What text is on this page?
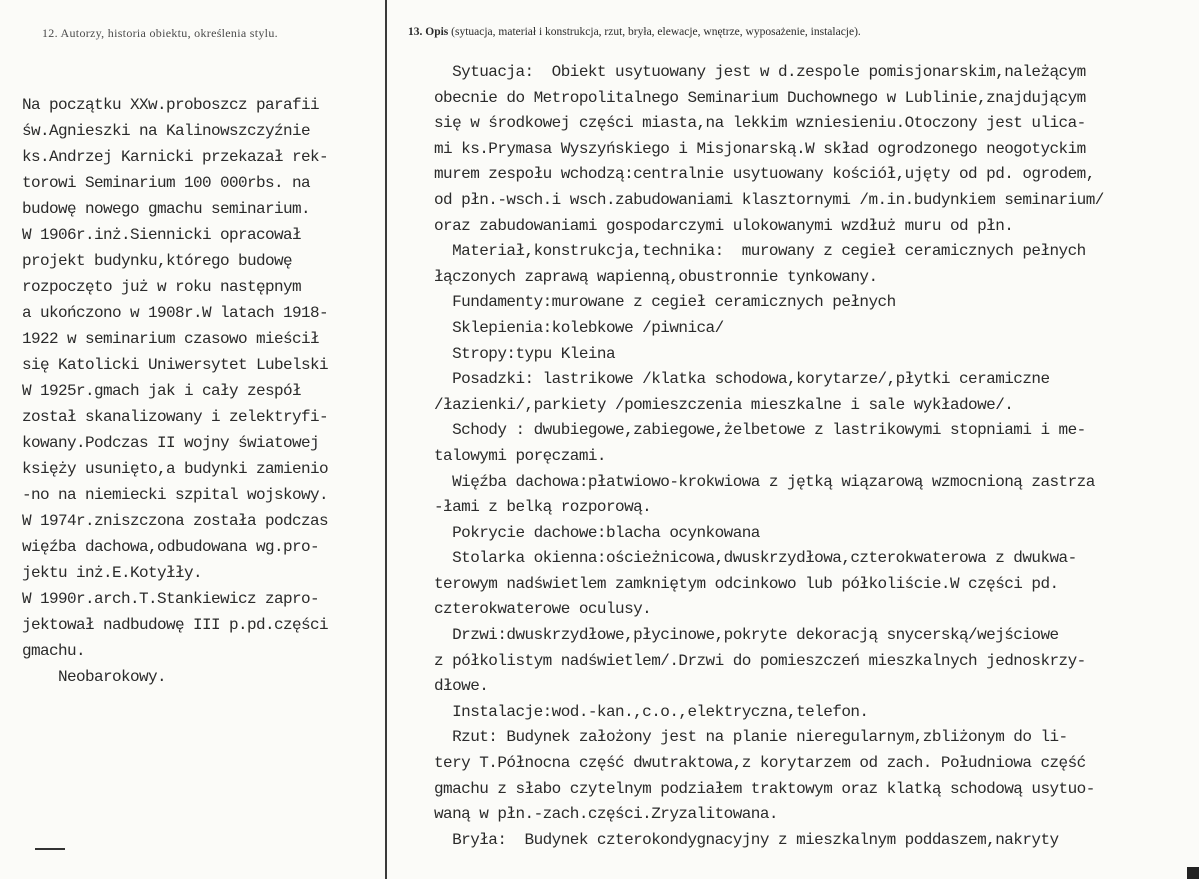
12. Autorzy, historia obiektu, określenia stylu.
Na początku XXw.proboszcz parafii
św.Agnieszki na Kalinowszczyźnie
ks.Andrzej Karnicki przekazał rek-
torowi Seminarium 100 000rbs. na
budowę nowego gmachu seminarium.
W 1906r.inż.Siennicki opracował
projekt budynku,którego budowę
rozpoczęto już w roku następnym
a ukończono w 1908r.W latach 1918-
1922 w seminarium czasowo mieścił
się Katolicki Uniwersytet Lubelski
W 1925r.gmach jak i cały zespół
został skanalizowany i zelektryfi-
kowany.Podczas II wojny światowej
księży usunięto,a budynki zamienio
-no na niemiecki szpital wojskowy.
W 1974r.zniszczona została podczas
więźba dachowa,odbudowana wg.pro-
jektu inż.E.Kotyłły.
W 1990r.arch.T.Stankiewicz zapro-
jektował nadbudowę III p.pd.części
gmachu.
Neobarokowy.
13. Opis (sytuacja, materiał i konstrukcja, rzut, bryła, elewacje, wnętrze, wyposażenie, instalacje).
Sytuacja:  Obiekt usytuowany jest w d.zespole pomisjonarskim,należącym
obecnie do Metropolitalnego Seminarium Duchownego w Lublinie,znajdującym
się w środkowej części miasta,na lekkim wzniesieniu.Otoczony jest ulica-
mi ks.Prymasa Wyszyńskiego i Misjonarską.W skład ogrodzonego neogotyckim
murem zespołu wchodzą:centralnie usytuowany kościół,ujęty od pd. ogrodem,
od płn.-wsch.i wsch.zabudowaniami klasztornymi /m.in.budynkiem seminarium/
oraz zabudowaniami gospodarczymi ulokowanymi wzdłuż muru od płn.
Materiał,konstrukcja,technika:  murowany z cegieł ceramicznych pełnych
łączonych zaprawą wapienną,obustronnie tynkowany.
Fundamenty:murowane z cegieł ceramicznych pełnych
Sklepienia:kolebkowe /piwnica/
Stropy:typu Kleina
Posadzki: lastrikowe /klatka schodowa,korytarze/,płytki ceramiczne
/łazienki/,parkiety /pomieszczenia mieszkalne i sale wykładowe/.
Schody : dwubiegowe,zabiegowe,żelbetowe z lastrikowymi stopniami i me-
talowymi poręczami.
Więźba dachowa:płatwiowo-krokwiowa z jętką wiązarową wzmocnioną zastrza
-łami z belką rozporową.
Pokrycie dachowe:blacha ocynkowana
Stolarka okienna:ościeżnicowa,dwuskrzydłowa,czterokwaterowa z dwukwa-
terowym nadświetlem zamkniętym odcinkowo lub półkoliście.W części pd.
czterokwaterowe oculusy.
Drzwi:dwuskrzydłowe,płycinowe,pokryte dekoracją snycerską/wejściowe
z półkolistym nadświetlem/.Drzwi do pomieszczeń mieszkalnych jednoskrzy-
dłowe.
Instalacje:wod.-kan.,c.o.,elektryczna,telefon.
Rzut: Budynek założony jest na planie nieregularnym,zbliżonym do li-
tery T.Północna część dwutraktowa,z korytarzem od zach. Południowa część
gmachu z słabo czytelnym podziałem traktowym oraz klatką schodową usytuo-
waną w płn.-zach.części.Zryzalitowana.
Bryła:  Budynek czterokondygnacyjny z mieszkalnym poddaszem,nakryty
